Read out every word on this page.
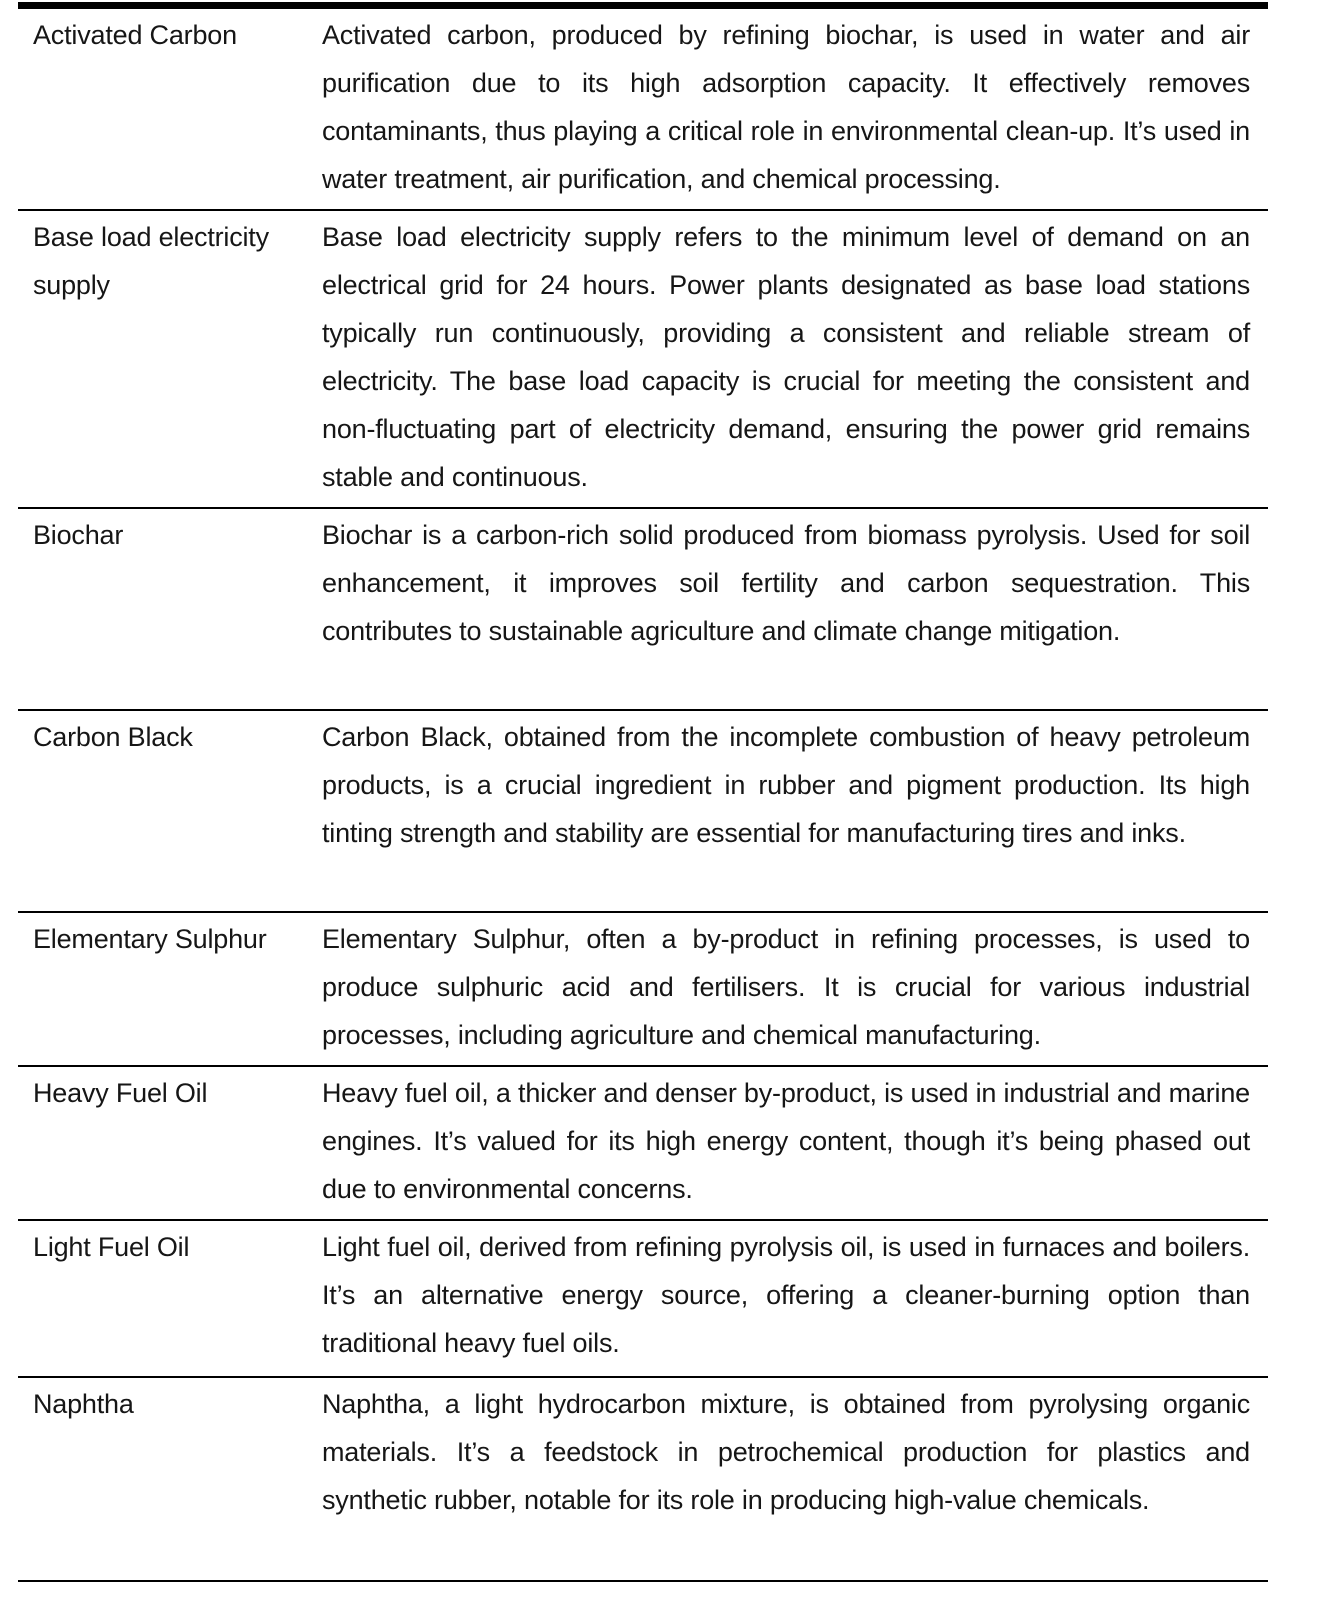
Activated Carbon	Activated carbon, produced by refining biochar, is used in water and air purification due to its high adsorption capacity. It effectively removes contaminants, thus playing a critical role in environmental clean-up. It’s used in water treatment, air purification, and chemical processing.
Base load electricity supply	Base load electricity supply refers to the minimum level of demand on an electrical grid for 24 hours. Power plants designated as base load stations typically run continuously, providing a consistent and reliable stream of electricity. The base load capacity is crucial for meeting the consistent and non-fluctuating part of electricity demand, ensuring the power grid remains stable and continuous.
Biochar	Biochar is a carbon-rich solid produced from biomass pyrolysis. Used for soil enhancement, it improves soil fertility and carbon sequestration. This contributes to sustainable agriculture and climate change mitigation.
Carbon Black	Carbon Black, obtained from the incomplete combustion of heavy petroleum products, is a crucial ingredient in rubber and pigment production. Its high tinting strength and stability are essential for manufacturing tires and inks.
Elementary Sulphur	Elementary Sulphur, often a by-product in refining processes, is used to produce sulphuric acid and fertilisers. It is crucial for various industrial processes, including agriculture and chemical manufacturing.
Heavy Fuel Oil	Heavy fuel oil, a thicker and denser by-product, is used in industrial and marine engines. It’s valued for its high energy content, though it’s being phased out due to environmental concerns.
Light Fuel Oil	Light fuel oil, derived from refining pyrolysis oil, is used in furnaces and boilers. It’s an alternative energy source, offering a cleaner-burning option than traditional heavy fuel oils.
Naphtha	Naphtha, a light hydrocarbon mixture, is obtained from pyrolysing organic materials. It’s a feedstock in petrochemical production for plastics and synthetic rubber, notable for its role in producing high-value chemicals.
